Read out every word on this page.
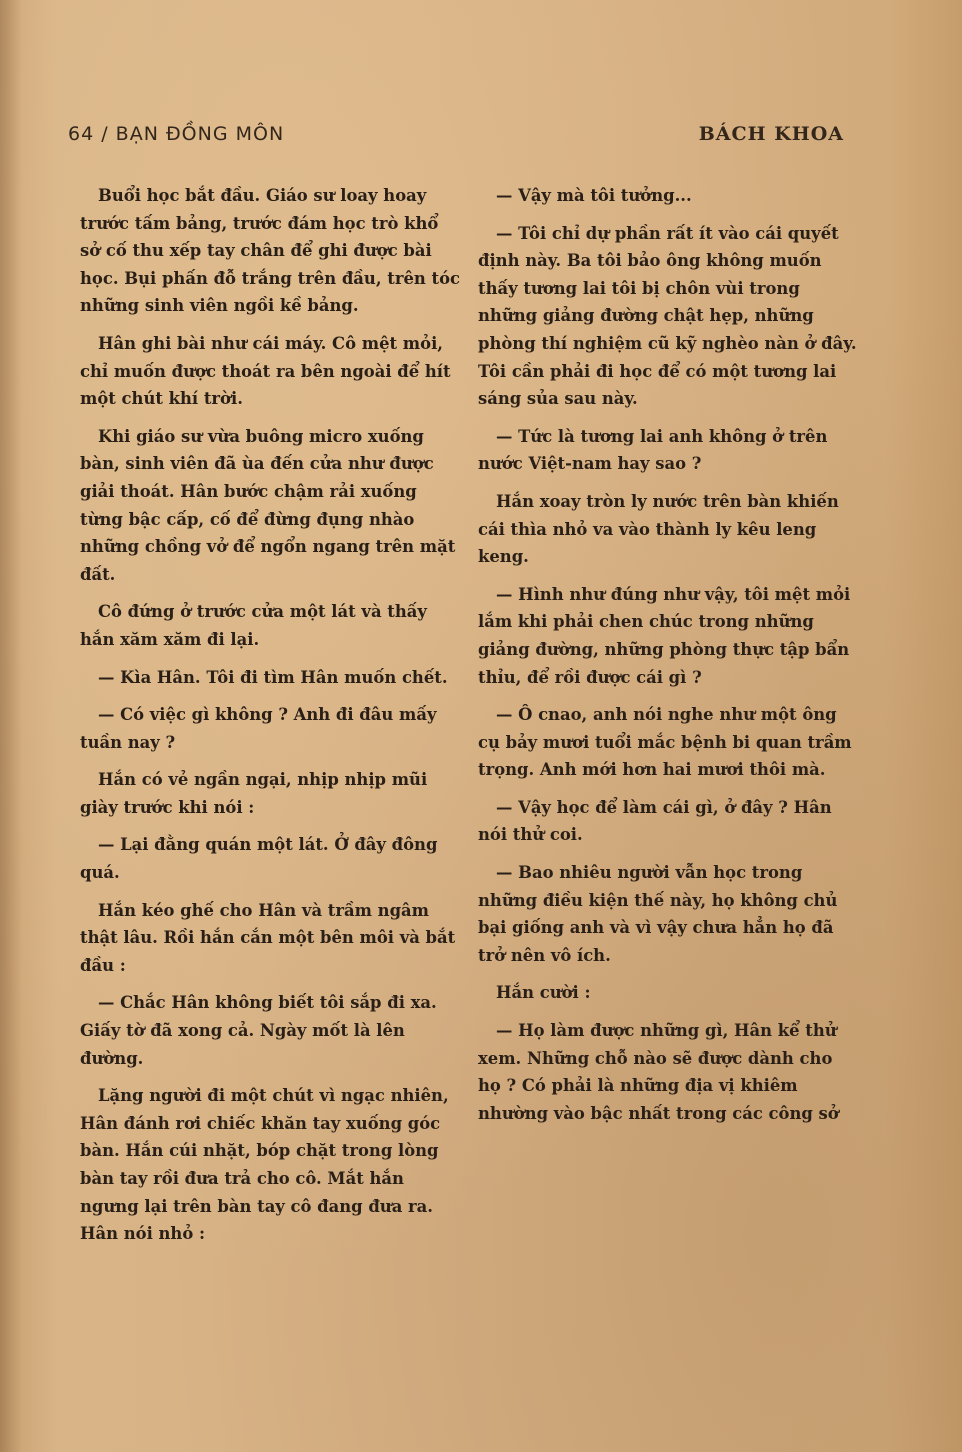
64 / BẠN ĐỒNG MÔN	BÁCH KHOA

Buổi học bắt đầu. Giáo sư loay hoay trước tấm bảng, trước đám học trò khổ sở cố thu xếp tay chân để ghi được bài học. Bụi phấn đỗ trắng trên đầu, trên tóc những sinh viên ngồi kề bảng.

Hân ghi bài như cái máy. Cô mệt mỏi, chỉ muốn được thoát ra bên ngoài để hít một chút khí trời.

Khi giáo sư vừa buông micro xuống bàn, sinh viên đã ùa đến cửa như được giải thoát. Hân bước chậm rải xuống từng bậc cấp, cố để đừng đụng nhào những chồng vở để ngổn ngang trên mặt đất.

Cô đứng ở trước cửa một lát và thấy hắn xăm xăm đi lại.

— Kìa Hân. Tôi đi tìm Hân muốn chết.

— Có việc gì không ? Anh đi đâu mấy tuần nay ?

Hắn có vẻ ngần ngại, nhịp nhịp mũi giày trước khi nói :

— Lại đằng quán một lát. Ở đây đông quá.

Hắn kéo ghế cho Hân và trầm ngâm thật lâu. Rồi hắn cắn một bên môi và bắt đầu :

— Chắc Hân không biết tôi sắp đi xa. Giấy tờ đã xong cả. Ngày mốt là lên đường.

Lặng người đi một chút vì ngạc nhiên, Hân đánh rơi chiếc khăn tay xuống góc bàn. Hắn cúi nhặt, bóp chặt trong lòng bàn tay rồi đưa trả cho cô. Mắt hắn ngưng lại trên bàn tay cô đang đưa ra. Hân nói nhỏ :

— Vậy mà tôi tưởng...

— Tôi chỉ dự phần rất ít vào cái quyết định này. Ba tôi bảo ông không muốn thấy tương lai tôi bị chôn vùi trong những giảng đường chật hẹp, những phòng thí nghiệm cũ kỹ nghèo nàn ở đây. Tôi cần phải đi học để có một tương lai sáng sủa sau này.

— Tức là tương lai anh không ở trên nước Việt-nam hay sao ?

Hắn xoay tròn ly nước trên bàn khiến cái thìa nhỏ va vào thành ly kêu leng keng.

— Hình như đúng như vậy, tôi mệt mỏi lắm khi phải chen chúc trong những giảng đường, những phòng thực tập bẩn thỉu, để rồi được cái gì ?

— Ô cnao, anh nói nghe như một ông cụ bảy mươi tuổi mắc bệnh bi quan trầm trọng. Anh mới hơn hai mươi thôi mà.

— Vậy học để làm cái gì, ở đây ? Hân nói thử coi.

— Bao nhiêu người vẫn học trong những điều kiện thế này, họ không chủ bại giống anh và vì vậy chưa hẳn họ đã trở nên vô ích.

Hắn cười :

— Họ làm được những gì, Hân kể thử xem. Những chỗ nào sẽ được dành cho họ ? Có phải là những địa vị khiêm nhường vào bậc nhất trong các công sở
